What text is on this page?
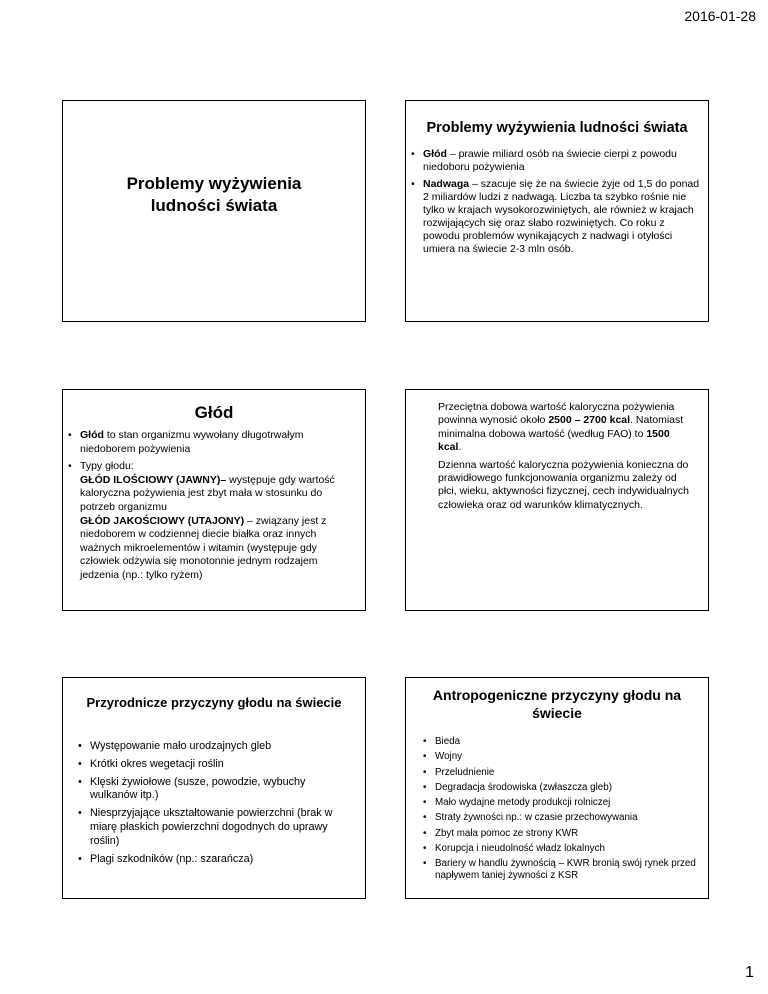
2016-01-28
Problemy wyżywienia ludności świata
Problemy wyżywienia ludności świata
• Głód – prawie miliard osób na świecie cierpi z powodu niedoboru pożywienia
• Nadwaga – szacuje się że na świecie żyje od 1,5 do ponad 2 miliardów ludzi z nadwagą. Liczba ta szybko rośnie nie tylko w krajach wysokorozwiniętych, ale również w krajach rozwijających się oraz słabo rozwiniętych. Co roku z powodu problemów wynikających z nadwagi i otyłości umiera na świecie 2-3 mln osób.
Głód
• Głód to stan organizmu wywołany długotrwałym niedoborem pożywienia
• Typy głodu:
GŁÓD ILOŚCIOWY (JAWNY)– występuje gdy wartość kaloryczna pożywienia jest zbyt mała w stosunku do potrzeb organizmu
GŁÓD JAKOŚCIOWY (UTAJONY) – związany jest z niedoborem w codziennej diecie białka oraz innych ważnych mikroelementów i witamin (występuje gdy człowiek odżywia się monotonnie jednym rodzajem jedzenia (np.: tylko ryżem)
Przeciętna dobowa wartość kaloryczna pożywienia powinna wynosić około 2500 – 2700 kcal. Natomiast minimalna dobowa wartość (według FAO) to 1500 kcal.
Dzienna wartość kaloryczna pożywienia konieczna do prawidłowego funkcjonowania organizmu zależy od płci, wieku, aktywności fizycznej, cech indywidualnych człowieka oraz od warunków klimatycznych.
Przyrodnicze przyczyny głodu na świecie
• Występowanie mało urodzajnych gleb
• Krótki okres wegetacji roślin
• Klęski żywiołowe (susze, powodzie, wybuchy wulkanów itp.)
• Niesprzyjające ukształtowanie powierzchni (brak w miarę płaskich powierzchni dogodnych do uprawy roślin)
• Plagi szkodników (np.: szarańcza)
Antropogeniczne przyczyny głodu na świecie
• Bieda
• Wojny
• Przeludnienie
• Degradacja środowiska (zwłaszcza gleb)
• Mało wydajne metody produkcji rolniczej
• Straty żywności np.: w czasie przechowywania
• Zbyt mała pomoc ze strony KWR
• Korupcja i nieudolność władz lokalnych
• Bariery w handlu żywnością – KWR bronią swój rynek przed napływem taniej żywności z KSR
1
